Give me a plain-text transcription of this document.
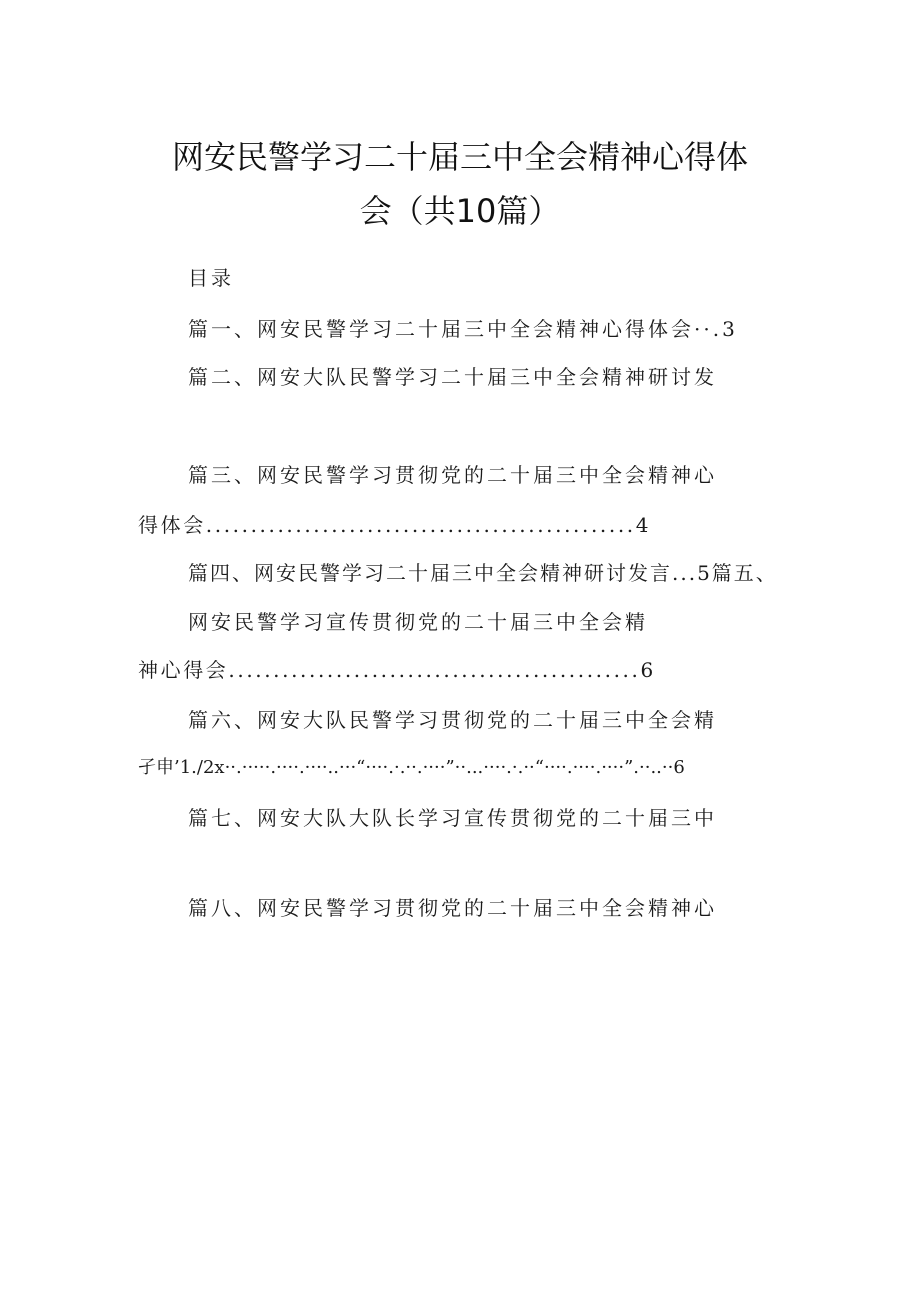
网安民警学习二十届三中全会精神心得体
会（共10篇）
目录
篇一、网安民警学习二十届三中全会精神心得体会··.3
篇二、网安大队民警学习二十届三中全会精神研讨发
篇三、网安民警学习贯彻党的二十届三中全会精神心
得体会................................................4
篇四、网安民警学习二十届三中全会精神研讨发言...5篇五、
网安民警学习宣传贯彻党的二十届三中全会精
神心得会..............................................6
篇六、网安大队民警学习贯彻党的二十届三中全会精
孑申’1./2x··.·····.····.····..···“····.·.··.····”··...····.·.··“····.····.····”.··..··6
篇七、网安大队大队长学习宣传贯彻党的二十届三中
篇八、网安民警学习贯彻党的二十届三中全会精神心
